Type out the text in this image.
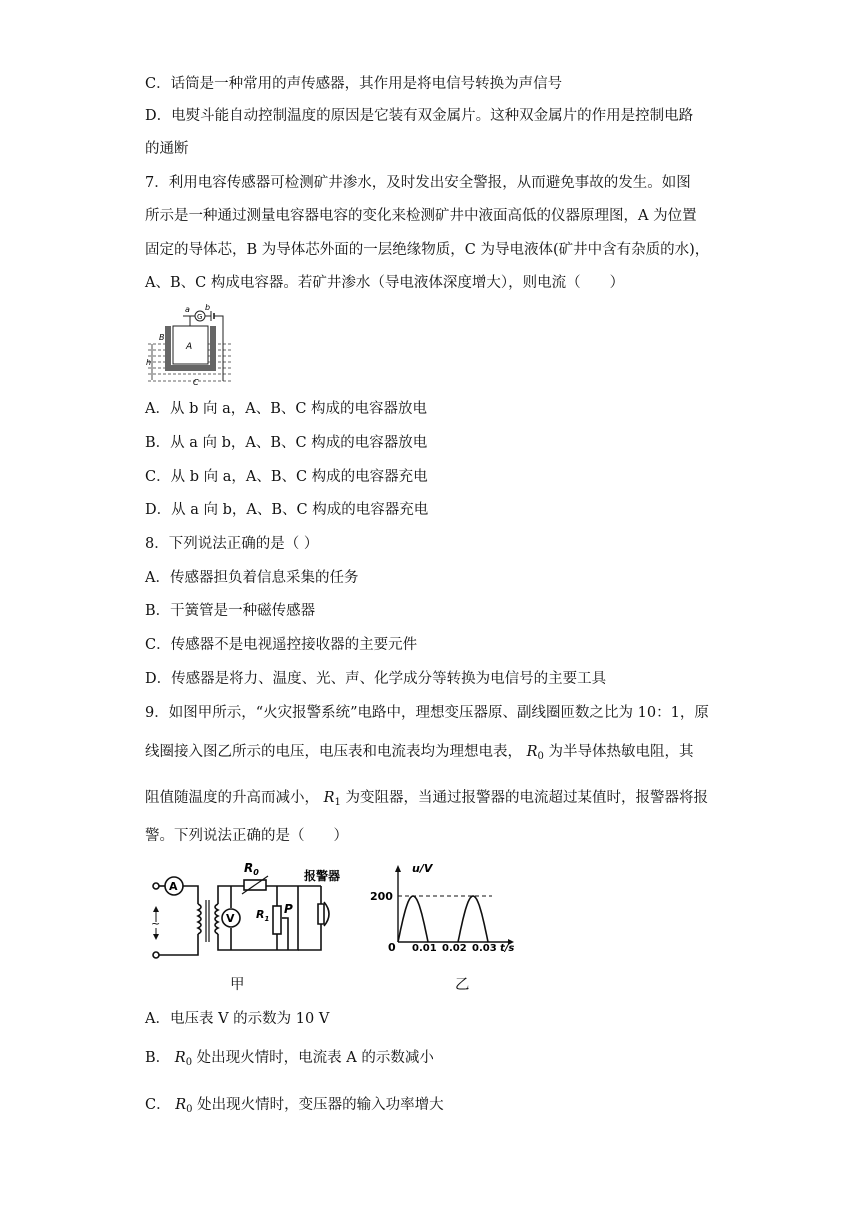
C．话筒是一种常用的声传感器，其作用是将电信号转换为声信号
D．电熨斗能自动控制温度的原因是它装有双金属片。这种双金属片的作用是控制电路
的通断
7．利用电容传感器可检测矿井渗水，及时发出安全警报，从而避免事故的发生。如图
所示是一种通过测量电容器电容的变化来检测矿井中液面高低的仪器原理图，A 为位置
固定的导体芯，B 为导体芯外面的一层绝缘物质，C 为导电液体(矿井中含有杂质的水)，
A、B、C 构成电容器。若矿井渗水（导电液体深度增大），则电流（　　）
a b
G
A
B
C
h
A．从 b 向 a，A、B、C 构成的电容器放电
B．从 a 向 b，A、B、C 构成的电容器放电
C．从 b 向 a，A、B、C 构成的电容器充电
D．从 a 向 b，A、B、C 构成的电容器充电
8．下列说法正确的是（ ）
A．传感器担负着信息采集的任务
B．干簧管是一种磁传感器
C．传感器不是电视遥控接收器的主要元件
D．传感器是将力、温度、光、声、化学成分等转换为电信号的主要工具
9．如图甲所示，“火灾报警系统”电路中，理想变压器原、副线圈匝数之比为 10：1，原
线圈接入图乙所示的电压，电压表和电流表均为理想电表， $R_0$ 为半导体热敏电阻，其
阻值随温度的升高而减小， $R_1$ 为变阻器，当通过报警器的电流超过某值时，报警器将报
警。下列说法正确的是（　　）
A
V
~
$R_0$
$R_1$
P
报警器
甲
u/V
200
0 0.01 0.02 0.03 t/s
乙
A．电压表 V 的示数为 10 V
B． $R_0$ 处出现火情时，电流表 A 的示数减小
C． $R_0$ 处出现火情时，变压器的输入功率增大
